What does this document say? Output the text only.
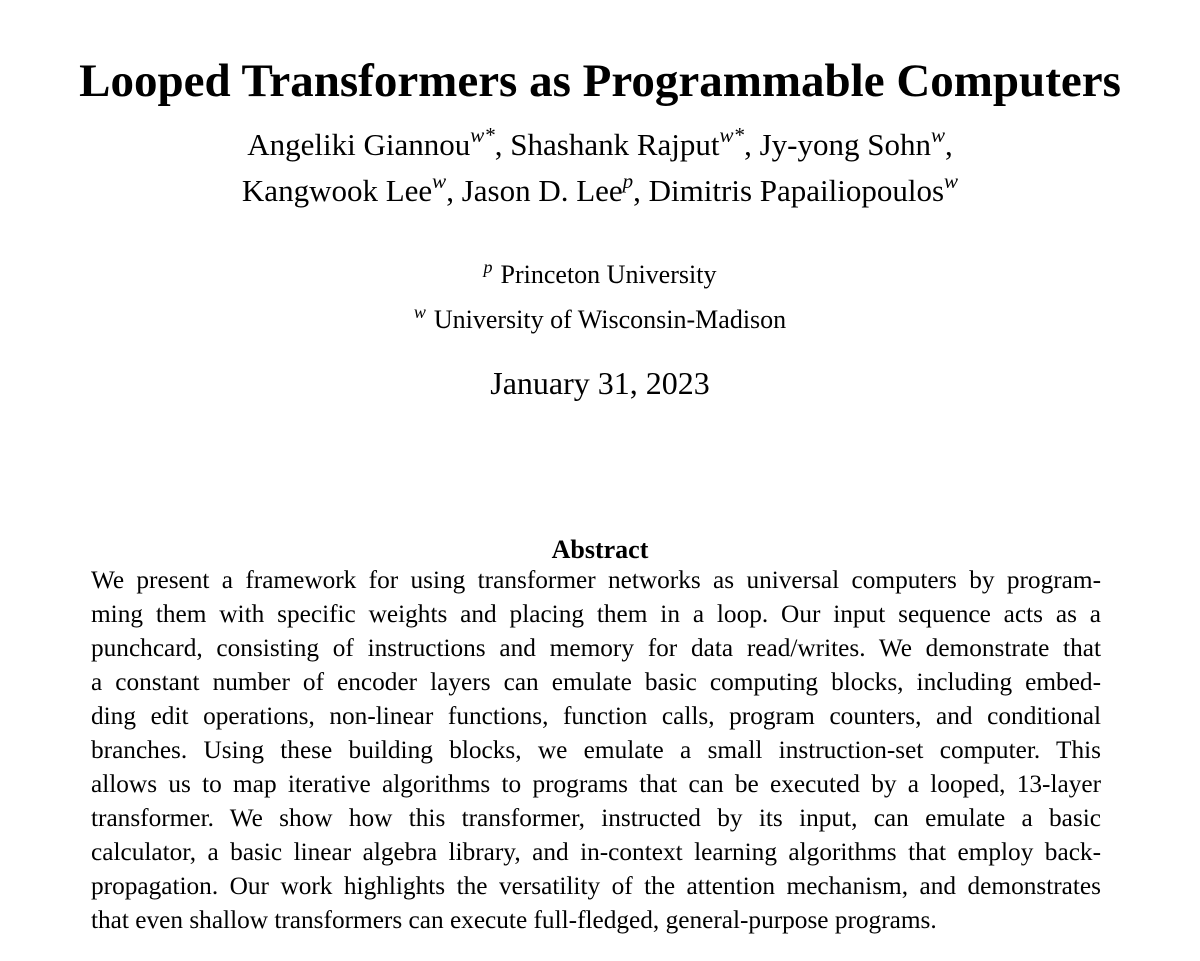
Looped Transformers as Programmable Computers
Angeliki Giannou$^{w*}$, Shashank Rajput$^{w*}$, Jy-yong Sohn$^w$,
Kangwook Lee$^w$, Jason D. Lee$^p$, Dimitris Papailiopoulos$^w$
$^p$ Princeton University
$^w$ University of Wisconsin-Madison
January 31, 2023
Abstract
We present a framework for using transformer networks as universal computers by program-
ming them with specific weights and placing them in a loop. Our input sequence acts as a
punchcard, consisting of instructions and memory for data read/writes. We demonstrate that
a constant number of encoder layers can emulate basic computing blocks, including embed-
ding edit operations, non-linear functions, function calls, program counters, and conditional
branches. Using these building blocks, we emulate a small instruction-set computer. This
allows us to map iterative algorithms to programs that can be executed by a looped, 13-layer
transformer. We show how this transformer, instructed by its input, can emulate a basic
calculator, a basic linear algebra library, and in-context learning algorithms that employ back-
propagation. Our work highlights the versatility of the attention mechanism, and demonstrates
that even shallow transformers can execute full-fledged, general-purpose programs.
